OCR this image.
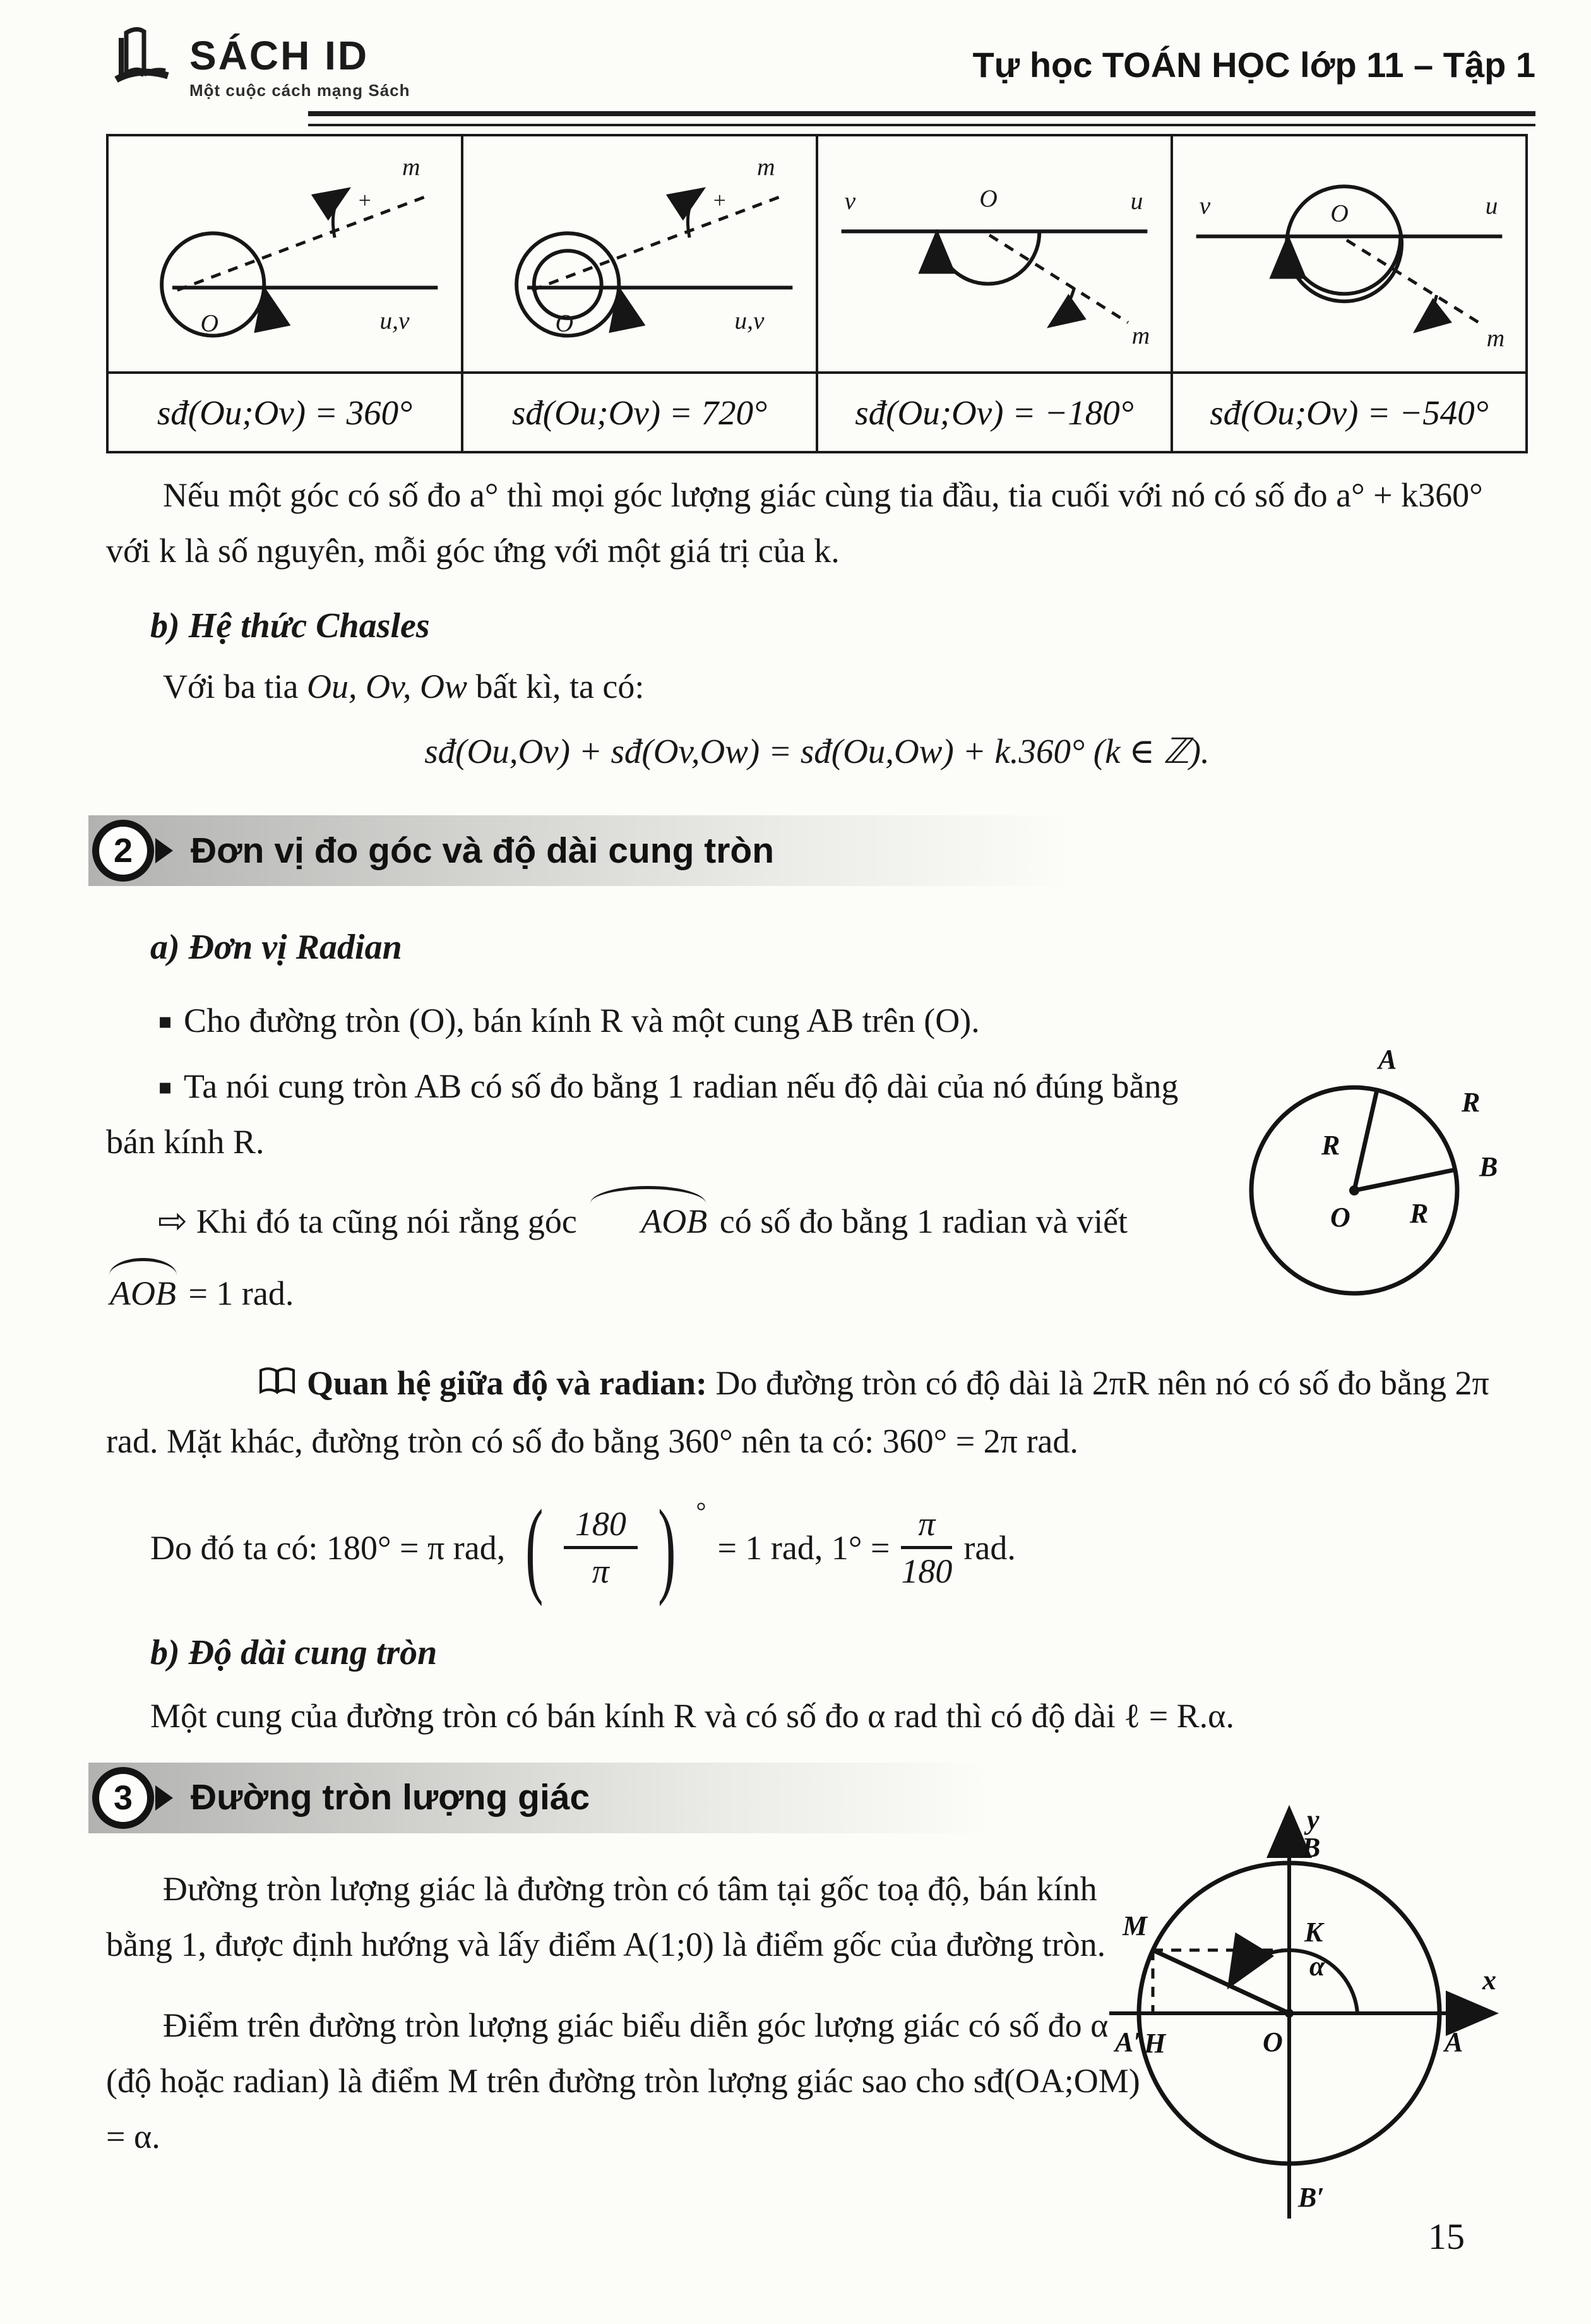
SÁCH ID
Một cuộc cách mạng Sách
Tự học TOÁN HỌC lớp 11 – Tập 1
+
m
u,v
O	+
m
u,v
O	v u
O
m	v u
O
m

sđ(Ou;Ov) = 360°	sđ(Ou;Ov) = 720°	sđ(Ou;Ov) = −180°	sđ(Ou;Ov) = −540°

Nếu một góc có số đo a° thì mọi góc lượng giác cùng tia đầu, tia cuối với nó có số đo a° + k360° với k là số nguyên, mỗi góc ứng với một giá trị của k.

b) Hệ thức Chasles

Với ba tia Ou, Ov, Ow bất kì, ta có:

sđ(Ou,Ov) + sđ(Ov,Ow) = sđ(Ou,Ow) + k.360° (k ∈ ℤ).
2	Đơn vị đo góc và độ dài cung tròn
a) Đơn vị Radian

▪ Cho đường tròn (O), bán kính R và một cung AB trên (O).

▪ Ta nói cung tròn AB có số đo bằng 1 radian nếu độ dài của nó đúng bằng bán kính R.

⇨ Khi đó ta cũng nói rằng góc AOB có số đo bằng 1 radian và viết

AOB = 1 rad.

Quan hệ giữa độ và radian: Do đường tròn có độ dài là 2πR nên nó có số đo bằng 2π rad. Mặt khác, đường tròn có số đo bằng 360° nên ta có: 360° = 2π rad.

Do đó ta có: 180° = π rad, ( $\frac{180}{\pi}$ ) °
= 1 rad, $1^\circ = \frac{\pi}{180}$ rad.
b) Độ dài cung tròn

Một cung của đường tròn có bán kính R và có số đo α rad thì có độ dài ℓ = R.α.

3	Đường tròn lượng giác

Đường tròn lượng giác là đường tròn có tâm tại gốc toạ độ, bán kính bằng 1, được định hướng và lấy điểm A(1;0) là điểm gốc của đường tròn.

Điểm trên đường tròn lượng giác biểu diễn góc lượng giác có số đo α (độ hoặc radian) là điểm M trên đường tròn lượng giác sao cho sđ(OA;OM) = α.

A
B
O
R
R
R
y
x
B
B′
A
A′	O
M	K
H
α
15
